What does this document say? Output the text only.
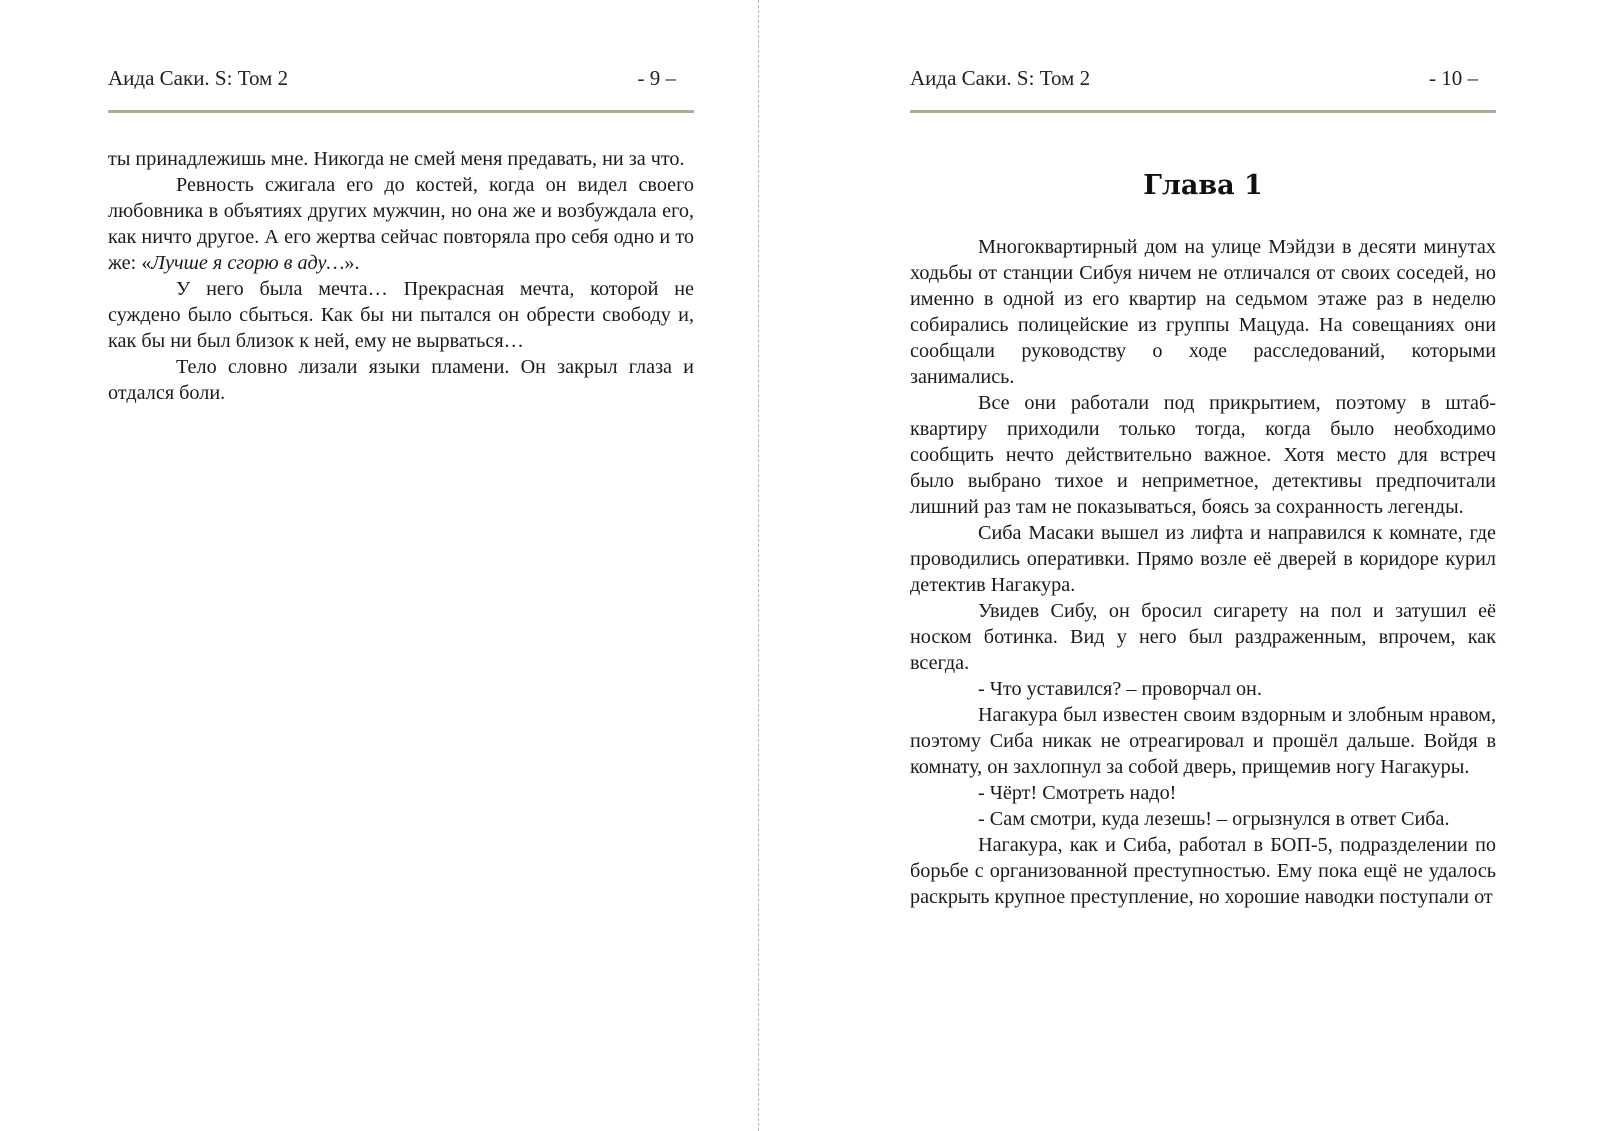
Аида Саки. S: Том 2	- 9 –

ты принадлежишь мне. Никогда не смей меня предавать, ни за что.

Ревность сжигала его до костей, когда он видел своего любовника в объятиях других мужчин, но она же и возбуждала его, как ничто другое. А его жертва сейчас повторяла про себя одно и то же: «Лучше я сгорю в аду…».

У него была мечта… Прекрасная мечта, которой не суждено было сбыться. Как бы ни пытался он обрести свободу и, как бы ни был близок к ней, ему не вырваться…

Тело словно лизали языки пламени. Он закрыл глаза и отдался боли.

Аида Саки. S: Том 2	- 10 –
Глава 1

Многоквартирный дом на улице Мэйдзи в десяти минутах ходьбы от станции Сибуя ничем не отличался от своих соседей, но именно в одной из его квартир на седьмом этаже раз в неделю собирались полицейские из группы Мацуда. На совещаниях они сообщали руководству о ходе расследований, которыми занимались.

Все они работали под прикрытием, поэтому в штаб-квартиру приходили только тогда, когда было необходимо сообщить нечто действительно важное. Хотя место для встреч было выбрано тихое и неприметное, детективы предпочитали лишний раз там не показываться, боясь за сохранность легенды.

Сиба Масаки вышел из лифта и направился к комнате, где проводились оперативки. Прямо возле её дверей в коридоре курил детектив Нагакура.

Увидев Сибу, он бросил сигарету на пол и затушил её носком ботинка. Вид у него был раздраженным, впрочем, как всегда.

- Что уставился? – проворчал он.

Нагакура был известен своим вздорным и злобным нравом, поэтому Сиба никак не отреагировал и прошёл дальше. Войдя в комнату, он захлопнул за собой дверь, прищемив ногу Нагакуры.

- Чёрт! Смотреть надо!

- Сам смотри, куда лезешь! – огрызнулся в ответ Сиба.

Нагакура, как и Сиба, работал в БОП-5, подразделении по борьбе с организованной преступностью. Ему пока ещё не удалось раскрыть крупное преступление, но хорошие наводки поступали от
